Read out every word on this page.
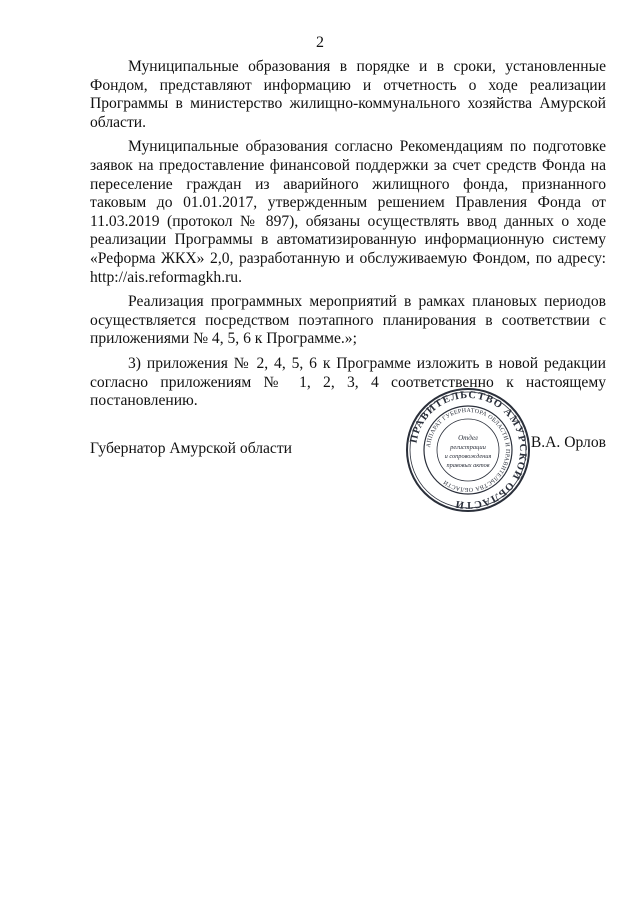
2

Муниципальные образования в порядке и в сроки, установленные Фондом, представляют информацию и отчетность о ходе реализации Программы в министерство жилищно-коммунального хозяйства Амурской области.

Муниципальные образования согласно Рекомендациям по подготовке заявок на предоставление финансовой поддержки за счет средств Фонда на переселение граждан из аварийного жилищного фонда, признанного таковым до 01.01.2017, утвержденным решением Правления Фонда от 11.03.2019 (протокол № 897), обязаны осуществлять ввод данных о ходе реализации Программы в автоматизированную информационную систему «Реформа ЖКХ» 2,0, разработанную и обслуживаемую Фондом, по адресу: http://ais.reformagkh.ru.

Реализация программных мероприятий в рамках плановых периодов осуществляется посредством поэтапного планирования в соответствии с приложениями № 4, 5, 6 к Программе.»;

3) приложения № 2, 4, 5, 6 к Программе изложить в новой редакции согласно приложениям № 1, 2, 3, 4 соответственно к настоящему постановлению.

ПРАВИТЕЛЬСТВО АМУРСКОЙ ОБЛАСТИ
АППАРАТ ГУБЕРНАТОРА ОБЛАСТИ И ПРАВИТЕЛЬСТВА ОБЛАСТИ
Отдел
регистрации
и сопровождения
правовых актов
Губернатор Амурской области	В.А. Орлов
